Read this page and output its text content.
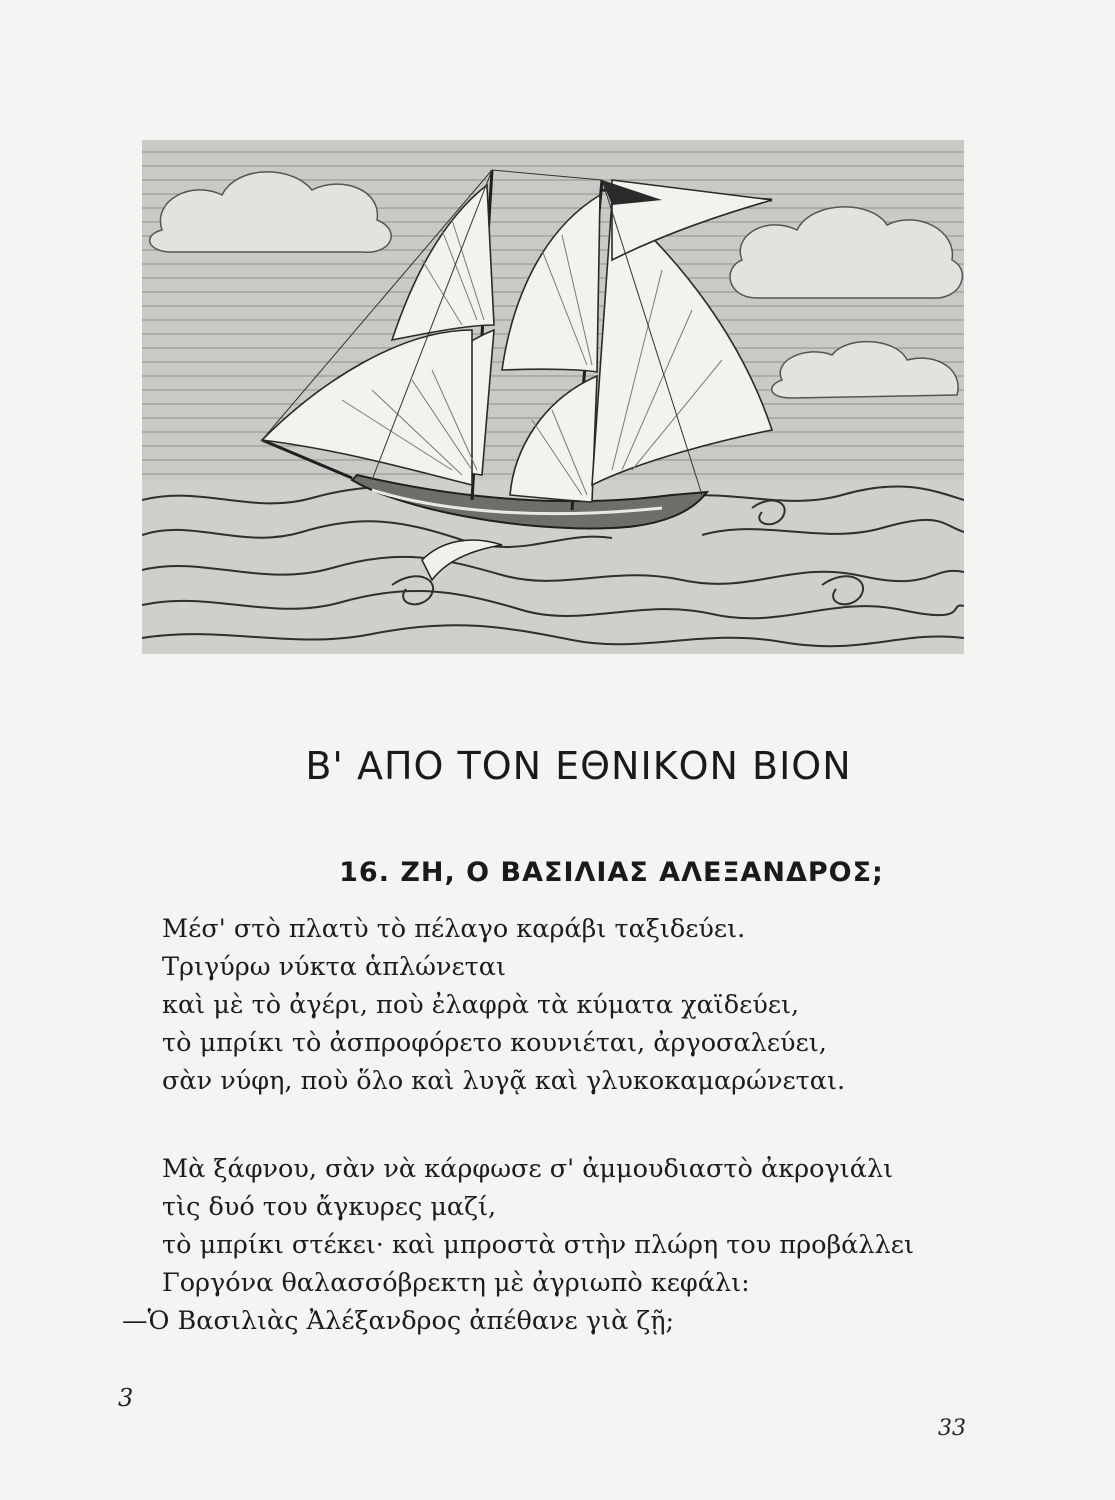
Β' ΑΠΟ ΤΟΝ ΕΘΝΙΚΟΝ ΒΙΟΝ
16. ΖΗ, Ο ΒΑΣΙΛΙΑΣ ΑΛΕΞΑΝΔΡΟΣ;
Μέσ' στὸ πλατὺ τὸ πέλαγο καράβι ταξιδεύει.
Τριγύρω νύκτα ἁπλώνεται
καὶ μὲ τὸ ἀγέρι, ποὺ ἐλαφρὰ τὰ κύματα χαϊδεύει,
τὸ μπρίκι τὸ ἀσπροφόρετο κουνιέται, ἀργοσαλεύει,
σὰν νύφη, ποὺ ὅλο καὶ λυγᾷ καὶ γλυκοκαμαρώνεται.
Μὰ ξάφνου, σὰν νὰ κάρφωσε σ' ἀμμουδιαστὸ ἀκρογιάλι
τὶς δυό του ἄγκυρες μαζί,
τὸ μπρίκι στέκει· καὶ μπροστὰ στὴν πλώρη του προβάλλει
Γοργόνα θαλασσόβρεκτη μὲ ἀγριωπὸ κεφάλι:
—Ὁ Βασιλιὰς Ἀλέξανδρος ἀπέθανε γιὰ ζῇ;
3
33
